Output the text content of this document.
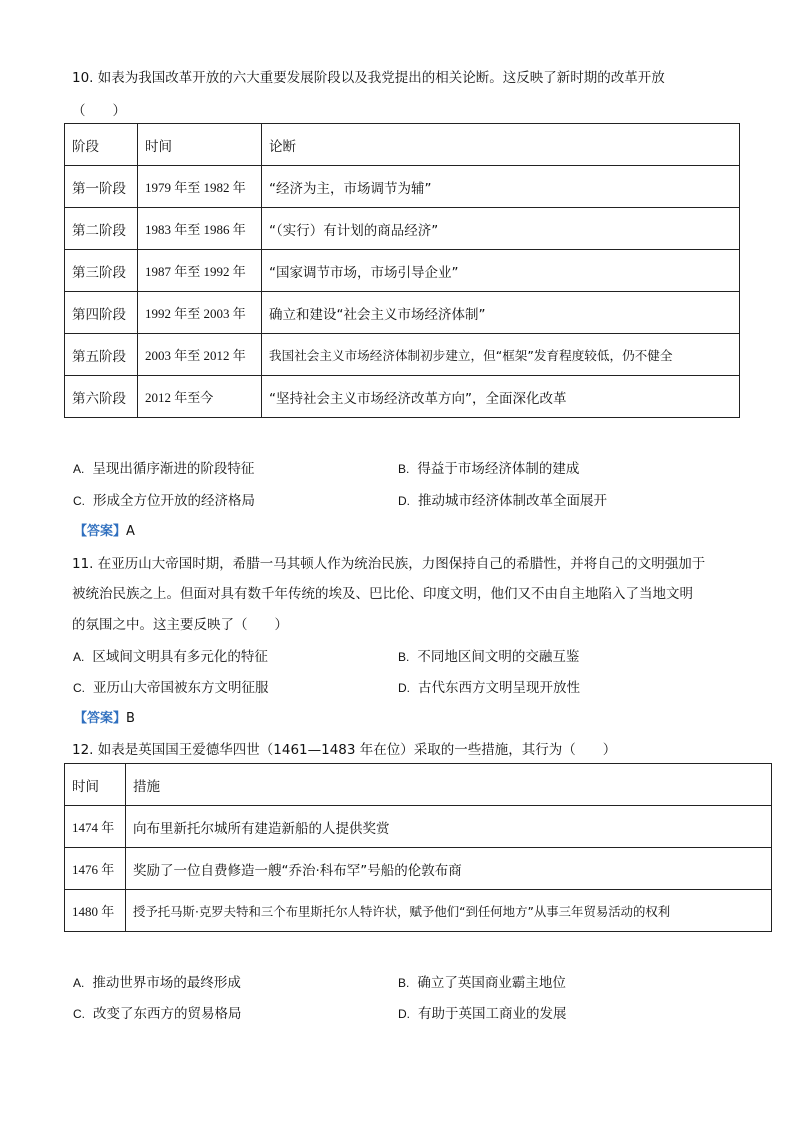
10. 如表为我国改革开放的六大重要发展阶段以及我党提出的相关论断。这反映了新时期的改革开放
（　　）
阶段	时间	论断
第一阶段	1979 年至 1982 年	“经济为主，市场调节为辅”
第二阶段	1983 年至 1986 年	“（实行）有计划的商品经济”
第三阶段	1987 年至 1992 年	“国家调节市场，市场引导企业”
第四阶段	1992 年至 2003 年	确立和建设“社会主义市场经济体制”
第五阶段	2003 年至 2012 年	我国社会主义市场经济体制初步建立，但“框架”发育程度较低，仍不健全
第六阶段	2012 年至今	“坚持社会主义市场经济改革方向”，全面深化改革
A. 呈现出循序渐进的阶段特征	B. 得益于市场经济体制的建成
C. 形成全方位开放的经济格局	D. 推动城市经济体制改革全面展开
【答案】A
11. 在亚历山大帝国时期，希腊一马其顿人作为统治民族，力图保持自己的希腊性，并将自己的文明强加于
被统治民族之上。但面对具有数千年传统的埃及、巴比伦、印度文明，他们又不由自主地陷入了当地文明
的氛围之中。这主要反映了（　　）
A. 区域间文明具有多元化的特征	B. 不同地区间文明的交融互鉴
C. 亚历山大帝国被东方文明征服	D. 古代东西方文明呈现开放性
【答案】B
12. 如表是英国国王爱德华四世（1461—1483 年在位）采取的一些措施，其行为（　　）
时间	措施
1474 年	向布里新托尔城所有建造新船的人提供奖赏
1476 年	奖励了一位自费修造一艘“乔治·科布罕”号船的伦敦布商
1480 年	授予托马斯·克罗夫特和三个布里斯托尔人特许状，赋予他们“到任何地方”从事三年贸易活动的权利
A. 推动世界市场的最终形成	B. 确立了英国商业霸主地位
C. 改变了东西方的贸易格局	D. 有助于英国工商业的发展
